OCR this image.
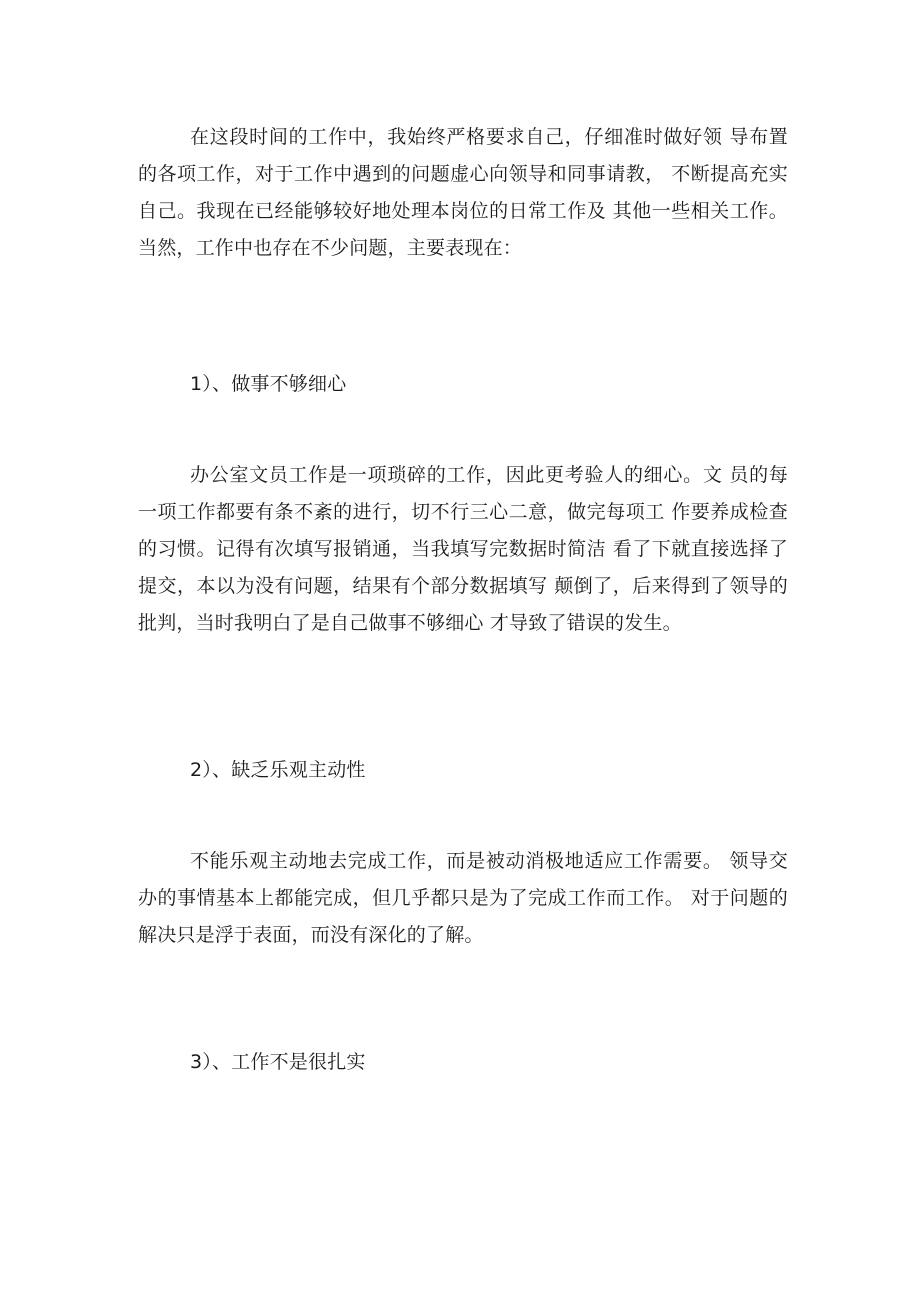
在这段时间的工作中，我始终严格要求自己，仔细准时做好领 导布置的各项工作，对于工作中遇到的问题虚心向领导和同事请教， 不断提高充实自己。我现在已经能够较好地处理本岗位的日常工作及 其他一些相关工作。当然，工作中也存在不少问题，主要表现在：

1）、做事不够细心

办公室文员工作是一项琐碎的工作，因此更考验人的细心。文 员的每一项工作都要有条不紊的进行，切不行三心二意，做完每项工 作要养成检查的习惯。记得有次填写报销通，当我填写完数据时简洁 看了下就直接选择了提交，本以为没有问题，结果有个部分数据填写 颠倒了，后来得到了领导的批判，当时我明白了是自己做事不够细心 才导致了错误的发生。

2）、缺乏乐观主动性

不能乐观主动地去完成工作，而是被动消极地适应工作需要。 领导交办的事情基本上都能完成，但几乎都只是为了完成工作而工作。 对于问题的解决只是浮于表面，而没有深化的了解。

3）、工作不是很扎实
